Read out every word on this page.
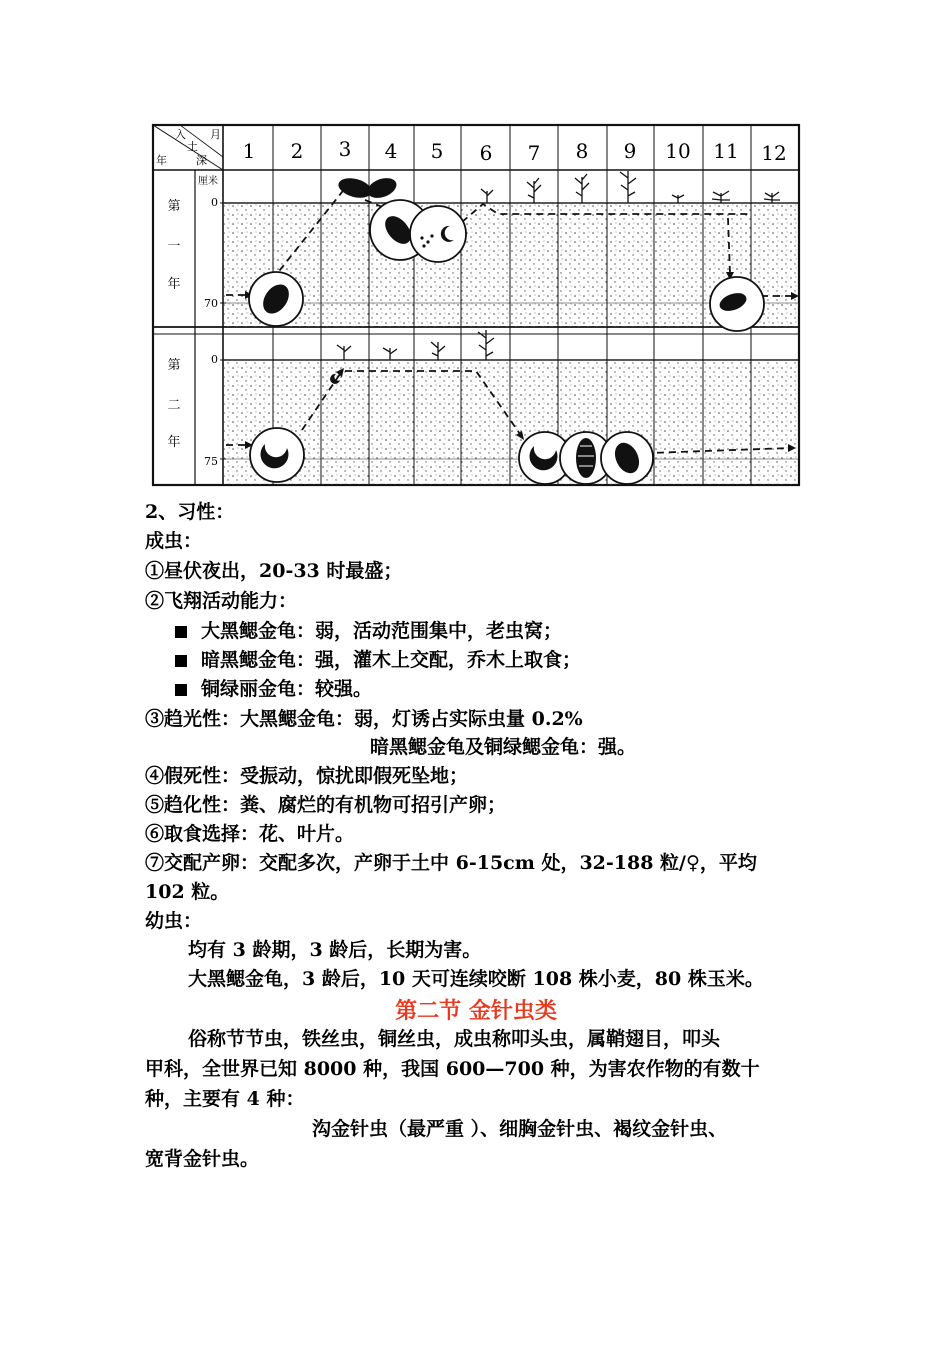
年
入
土
深
月
1 2 3 4 5 6 7 8 9 10 11 12
厘米
第
一
年
第
二
年
0
70
0
75
2、习性：
成虫：
①昼伏夜出，20-33 时最盛；
②飞翔活动能力：
大黑鳃金龟：弱，活动范围集中，老虫窝；
暗黑鳃金龟：强，灌木上交配，乔木上取食；
铜绿丽金龟：较强。
③趋光性：大黑鳃金龟：弱，灯诱占实际虫量 0.2%
暗黑鳃金龟及铜绿鳃金龟：强。
④假死性：受振动，惊扰即假死坠地；
⑤趋化性：粪、腐烂的有机物可招引产卵；
⑥取食选择：花、叶片。
⑦交配产卵：交配多次，产卵于土中 6-15cm 处，32-188 粒/♀，平均
102 粒。
幼虫：
均有 3 龄期，3 龄后，长期为害。
大黑鳃金龟，3 龄后，10 天可连续咬断 108 株小麦，80 株玉米。
第二节 金针虫类
俗称节节虫，铁丝虫，铜丝虫，成虫称叩头虫，属鞘翅目，叩头
甲科，全世界已知 8000 种，我国 600—700 种，为害农作物的有数十
种，主要有 4 种：
沟金针虫（最严重 ）、细胸金针虫、褐纹金针虫、
宽背金针虫。
